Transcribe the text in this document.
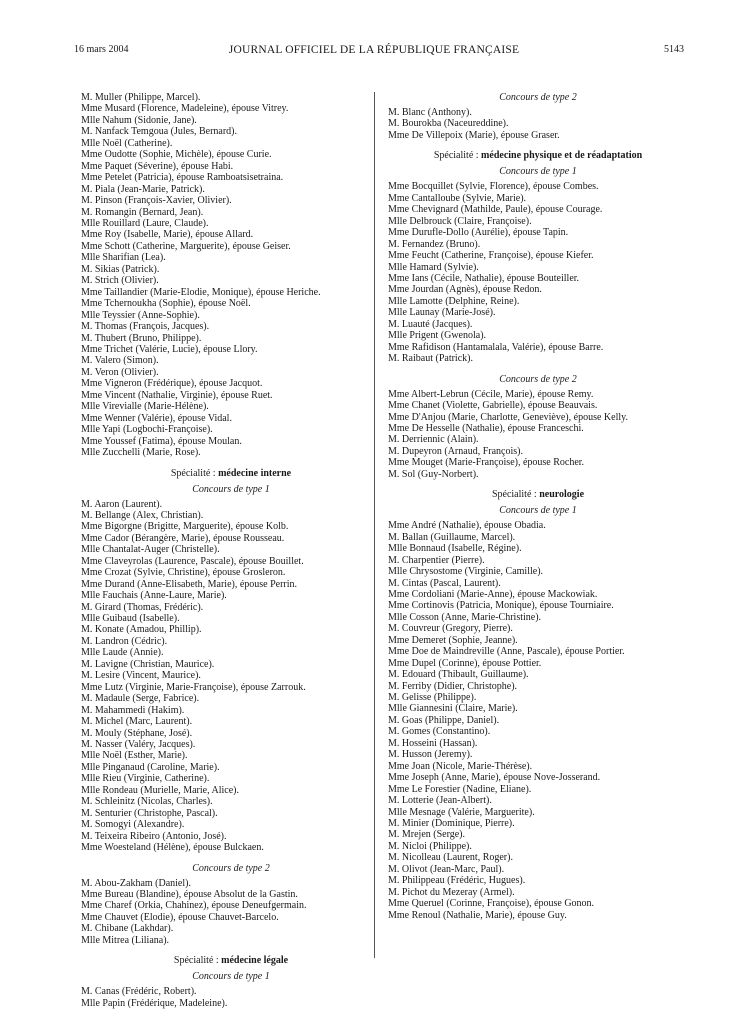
16 mars 2004	JOURNAL OFFICIEL DE LA RÉPUBLIQUE FRANÇAISE	5143
M. Muller (Philippe, Marcel).
Mme Musard (Florence, Madeleine), épouse Vitrey.
Mlle Nahum (Sidonie, Jane).
M. Nanfack Temgoua (Jules, Bernard).
Mlle Noël (Catherine).
Mme Oudotte (Sophie, Michèle), épouse Curie.
Mme Paquet (Séverine), épouse Habi.
Mme Petelet (Patricia), épouse Ramboatsisetraina.
M. Piala (Jean-Marie, Patrick).
M. Pinson (François-Xavier, Olivier).
M. Romangin (Bernard, Jean).
Mlle Rouillard (Laure, Claude).
Mme Roy (Isabelle, Marie), épouse Allard.
Mme Schott (Catherine, Marguerite), épouse Geiser.
Mlle Sharifian (Lea).
M. Sikias (Patrick).
M. Strich (Olivier).
Mme Taillandier (Marie-Elodie, Monique), épouse Heriche.
Mme Tchernoukha (Sophie), épouse Noël.
Mlle Teyssier (Anne-Sophie).
M. Thomas (François, Jacques).
M. Thubert (Bruno, Philippe).
Mme Trichet (Valérie, Lucie), épouse Llory.
M. Valero (Simon).
M. Veron (Olivier).
Mme Vigneron (Frédérique), épouse Jacquot.
Mme Vincent (Nathalie, Virginie), épouse Ruet.
Mlle Virevialle (Marie-Hélène).
Mme Wenner (Valérie), épouse Vidal.
Mlle Yapi (Logbochi-Françoise).
Mme Youssef (Fatima), épouse Moulan.
Mlle Zucchelli (Marie, Rose).
Spécialité : médecine interne
Concours de type 1
M. Aaron (Laurent).
M. Bellange (Alex, Christian).
Mme Bigorgne (Brigitte, Marguerite), épouse Kolb.
Mme Cador (Bérangère, Marie), épouse Rousseau.
Mlle Chantalat-Auger (Christelle).
Mme Claveyrolas (Laurence, Pascale), épouse Bouillet.
Mme Crozat (Sylvie, Christine), épouse Grosleron.
Mme Durand (Anne-Elisabeth, Marie), épouse Perrin.
Mlle Fauchais (Anne-Laure, Marie).
M. Girard (Thomas, Frédéric).
Mlle Guibaud (Isabelle).
M. Konate (Amadou, Phillip).
M. Landron (Cédric).
Mlle Laude (Annie).
M. Lavigne (Christian, Maurice).
M. Lesire (Vincent, Maurice).
Mme Lutz (Virginie, Marie-Françoise), épouse Zarrouk.
M. Madaule (Serge, Fabrice).
M. Mahammedi (Hakim).
M. Michel (Marc, Laurent).
M. Mouly (Stéphane, José).
M. Nasser (Valéry, Jacques).
Mlle Noël (Esther, Marie).
Mlle Pinganaud (Caroline, Marie).
Mlle Rieu (Virginie, Catherine).
Mlle Rondeau (Murielle, Marie, Alice).
M. Schleinitz (Nicolas, Charles).
M. Senturier (Christophe, Pascal).
M. Somogyi (Alexandre).
M. Teixeira Ribeiro (Antonio, José).
Mme Woesteland (Hélène), épouse Bulckaen.
Concours de type 2
M. Abou-Zakham (Daniel).
Mme Bureau (Blandine), épouse Absolut de la Gastin.
Mme Charef (Orkia, Chahinez), épouse Deneufgermain.
Mme Chauvet (Elodie), épouse Chauvet-Barcelo.
M. Chibane (Lakhdar).
Mlle Mitrea (Liliana).
Spécialité : médecine légale
Concours de type 1
M. Canas (Frédéric, Robert).
Mlle Papin (Frédérique, Madeleine).
Concours de type 2
M. Blanc (Anthony).
M. Bourokba (Naceureddine).
Mme De Villepoix (Marie), épouse Graser.
Spécialité : médecine physique et de réadaptation
Concours de type 1
Mme Bocquillet (Sylvie, Florence), épouse Combes.
Mme Cantalloube (Sylvie, Marie).
Mme Chevignard (Mathilde, Paule), épouse Courage.
Mlle Delbrouck (Claire, Françoise).
Mme Durufle-Dollo (Aurélie), épouse Tapin.
M. Fernandez (Bruno).
Mme Feucht (Catherine, Françoise), épouse Kiefer.
Mlle Hamard (Sylvie).
Mme Ians (Cécile, Nathalie), épouse Bouteiller.
Mme Jourdan (Agnès), épouse Redon.
Mlle Lamotte (Delphine, Reine).
Mlle Launay (Marie-José).
M. Luauté (Jacques).
Mlle Prigent (Gwenola).
Mme Rafidison (Hantamalala, Valérie), épouse Barre.
M. Raibaut (Patrick).
Concours de type 2
Mme Albert-Lebrun (Cécile, Marie), épouse Remy.
Mme Chanet (Violette, Gabrielle), épouse Beauvais.
Mme D'Anjou (Marie, Charlotte, Geneviève), épouse Kelly.
Mme De Hesselle (Nathalie), épouse Franceschi.
M. Derriennic (Alain).
M. Dupeyron (Arnaud, François).
Mme Mouget (Marie-Françoise), épouse Rocher.
M. Sol (Guy-Norbert).
Spécialité : neurologie
Concours de type 1
Mme André (Nathalie), épouse Obadia.
M. Ballan (Guillaume, Marcel).
Mlle Bonnaud (Isabelle, Régine).
M. Charpentier (Pierre).
Mlle Chrysostome (Virginie, Camille).
M. Cintas (Pascal, Laurent).
Mme Cordoliani (Marie-Anne), épouse Mackowiak.
Mme Cortinovis (Patricia, Monique), épouse Tourniaire.
Mlle Cosson (Anne, Marie-Christine).
M. Couvreur (Gregory, Pierre).
Mme Demeret (Sophie, Jeanne).
Mme Doe de Maindreville (Anne, Pascale), épouse Portier.
Mme Dupel (Corinne), épouse Pottier.
M. Edouard (Thibault, Guillaume).
M. Ferriby (Didier, Christophe).
M. Gelisse (Philippe).
Mlle Giannesini (Claire, Marie).
M. Goas (Philippe, Daniel).
M. Gomes (Constantino).
M. Hosseini (Hassan).
M. Husson (Jeremy).
Mme Joan (Nicole, Marie-Thérèse).
Mme Joseph (Anne, Marie), épouse Nove-Josserand.
Mme Le Forestier (Nadine, Eliane).
M. Lotterie (Jean-Albert).
Mlle Mesnage (Valérie, Marguerite).
M. Minier (Dominique, Pierre).
M. Mrejen (Serge).
M. Nicloi (Philippe).
M. Nicolleau (Laurent, Roger).
M. Olivot (Jean-Marc, Paul).
M. Philippeau (Frédéric, Hugues).
M. Pichot du Mezeray (Armel).
Mme Queruel (Corinne, Françoise), épouse Gonon.
Mme Renoul (Nathalie, Marie), épouse Guy.
